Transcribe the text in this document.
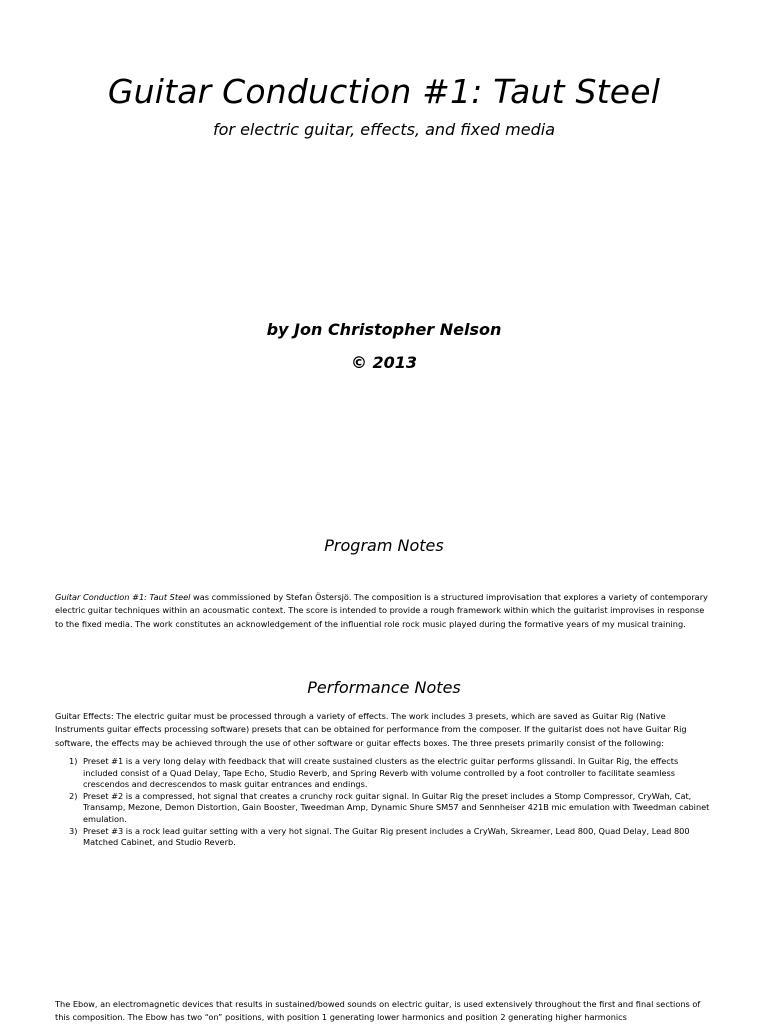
Guitar Conduction #1: Taut Steel
for electric guitar, effects, and fixed media
by Jon Christopher Nelson
© 2013
Program Notes

Guitar Conduction #1: Taut Steel was commissioned by Stefan Östersjö. The composition is a structured improvisation that explores a variety of contemporary electric guitar techniques within an acousmatic context. The score is intended to provide a rough framework within which the guitarist improvises in response to the fixed media. The work constitutes an acknowledgement of the influential role rock music played during the formative years of my musical training.

Performance Notes

Guitar Effects: The electric guitar must be processed through a variety of effects. The work includes 3 presets, which are saved as Guitar Rig (Native Instruments guitar effects processing software) presets that can be obtained for performance from the composer. If the guitarist does not have Guitar Rig software, the effects may be achieved through the use of other software or guitar effects boxes. The three presets primarily consist of the following:

1) Preset #1 is a very long delay with feedback that will create sustained clusters as the electric guitar performs glissandi. In Guitar Rig, the effects included consist of a Quad Delay, Tape Echo, Studio Reverb, and Spring Reverb with volume controlled by a foot controller to facilitate seamless crescendos and decrescendos to mask guitar entrances and endings.
2) Preset #2 is a compressed, hot signal that creates a crunchy rock guitar signal. In Guitar Rig the preset includes a Stomp Compressor, CryWah, Cat, Transamp, Mezone, Demon Distortion, Gain Booster, Tweedman Amp, Dynamic Shure SM57 and Sennheiser 421B mic emulation with Tweedman cabinet emulation.
3) Preset #3 is a rock lead guitar setting with a very hot signal. The Guitar Rig present includes a CryWah, Skreamer, Lead 800, Quad Delay, Lead 800 Matched Cabinet, and Studio Reverb.

The Ebow, an electromagnetic devices that results in sustained/bowed sounds on electric guitar, is used extensively throughout the first and final sections of this composition. The Ebow has two “on” positions, with position 1 generating lower harmonics and position 2 generating higher harmonics
